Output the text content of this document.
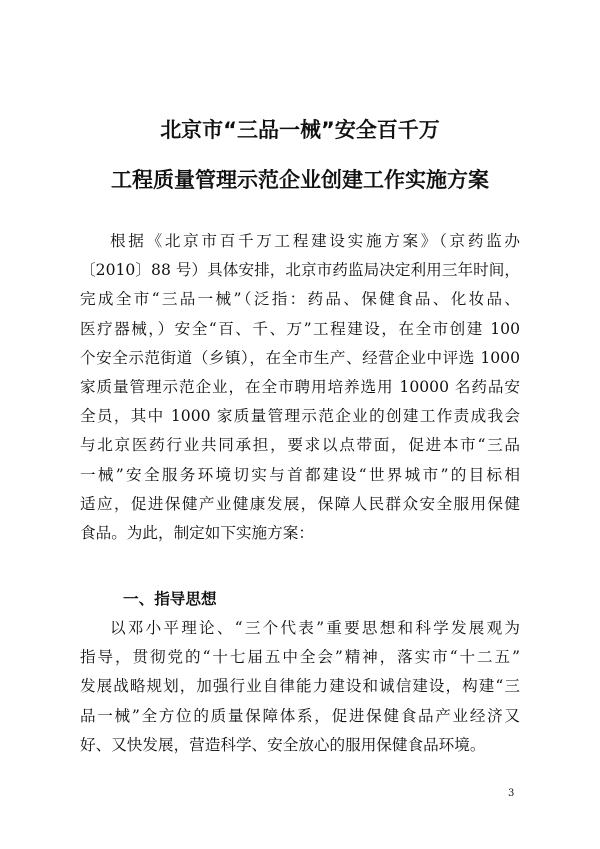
北京市“三品一械”安全百千万
工程质量管理示范企业创建工作实施方案
根据《北京市百千万工程建设实施方案》（京药监办
〔2010〕88 号）具体安排，北京市药监局决定利用三年时间，
完成全市“三品一械”（泛指：药品、保健食品、化妆品、
医疗器械，）安全“百、千、万”工程建设，在全市创建 100
个安全示范街道（乡镇），在全市生产、经营企业中评选 1000
家质量管理示范企业，在全市聘用培养选用 10000 名药品安
全员，其中 1000 家质量管理示范企业的创建工作责成我会
与北京医药行业共同承担，要求以点带面，促进本市“三品
一械”安全服务环境切实与首都建设“世界城市”的目标相
适应，促进保健产业健康发展，保障人民群众安全服用保健
食品。为此，制定如下实施方案：
一、指导思想
以邓小平理论、“三个代表”重要思想和科学发展观为
指导，贯彻党的“十七届五中全会”精神，落实市“十二五”
发展战略规划，加强行业自律能力建设和诚信建设，构建“三
品一械”全方位的质量保障体系，促进保健食品产业经济又
好、又快发展，营造科学、安全放心的服用保健食品环境。
3
